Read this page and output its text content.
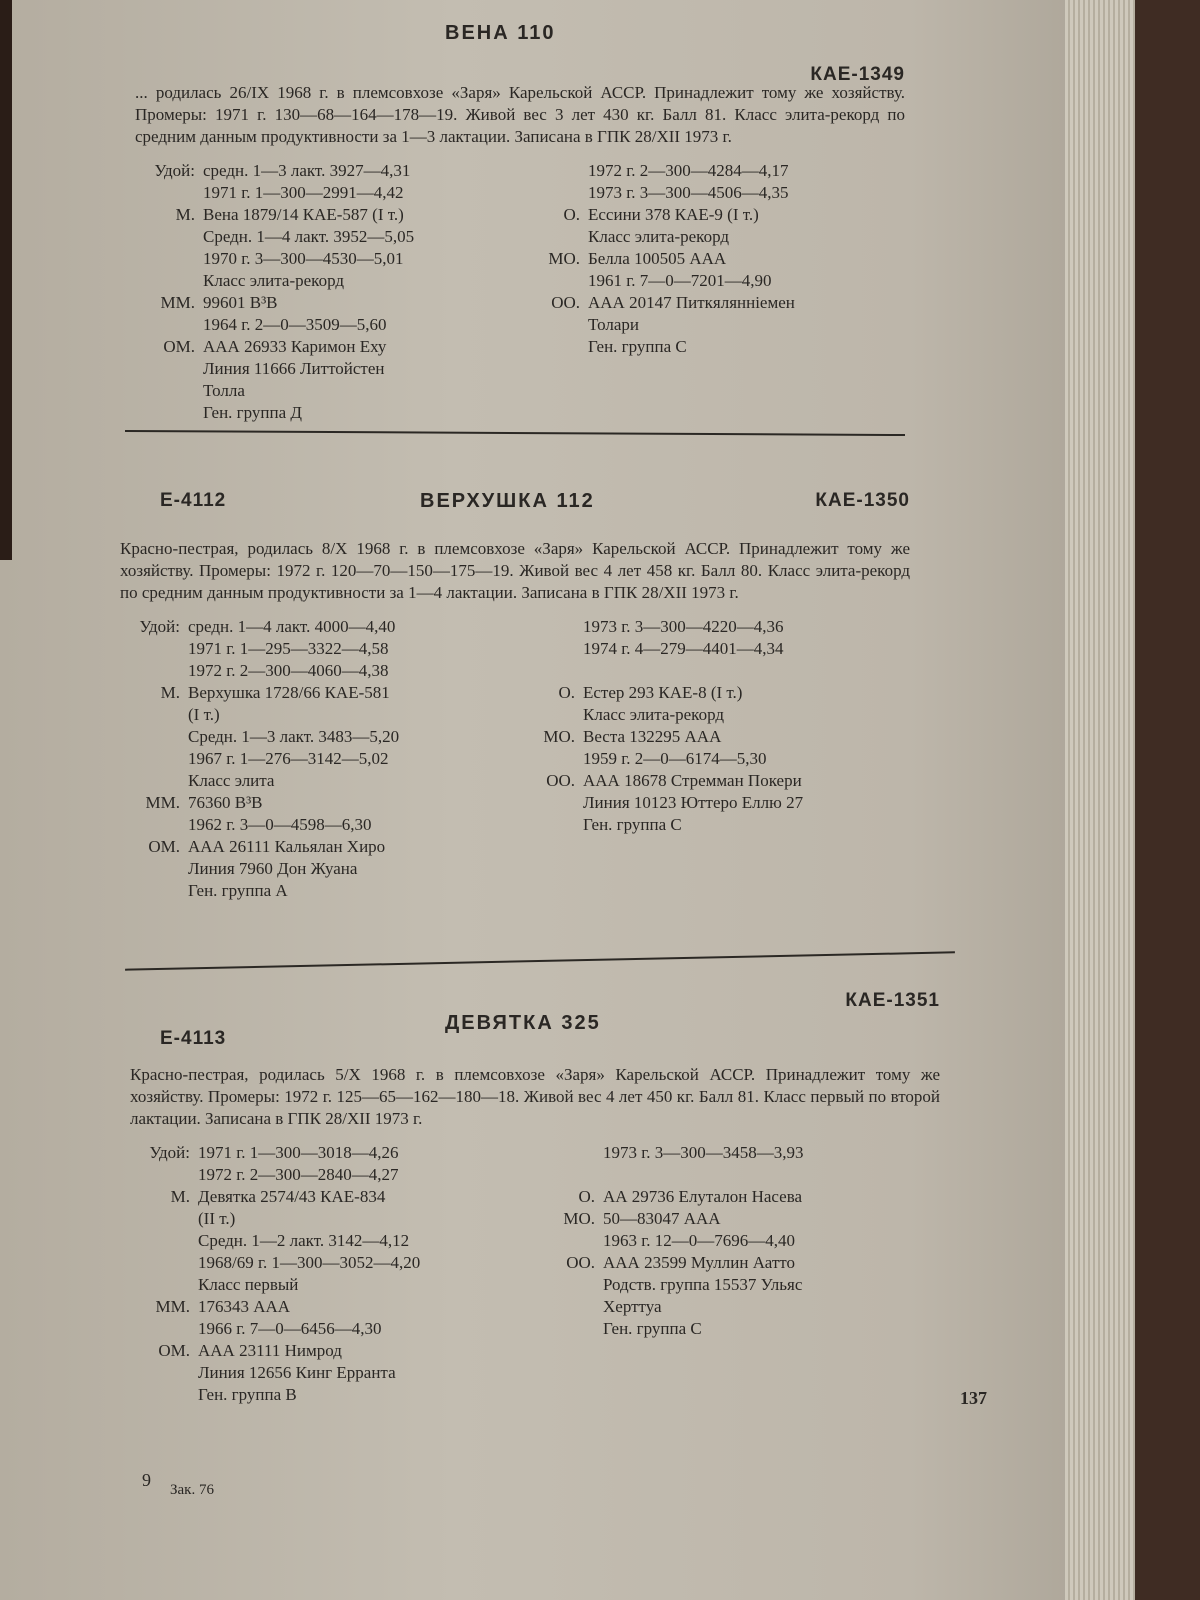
ВЕНА 110
КАЕ-1349
... родилась 26/IX 1968 г. в племсовхозе «Заря» Карельской АССР. Принадлежит тому же хозяйству. Промеры: 1971 г. 130—68—164—178—19. Живой вес 3 лет 430 кг. Балл 81. Класс элита-рекорд по средним данным продуктивности за 1—3 лактации. Записана в ГПК 28/XII 1973 г.
Удой: средн. 1—3 лакт. 3927—4,31
1971 г. 1—300—2991—4,42
М. Вена 1879/14 КАЕ-587 (I т.)
Средн. 1—4 лакт. 3952—5,05
1970 г. 3—300—4530—5,01
Класс элита-рекорд
ММ. 99601 В³В
1964 г. 2—0—3509—5,60
ОМ. ААА 26933 Каримон Еху
Линия 11666 Литтойстен
Толла
Ген. группа Д
1972 г. 2—300—4284—4,17
1973 г. 3—300—4506—4,35
О. Ессини 378 КАЕ-9 (I т.)
Класс элита-рекорд
МО. Белла 100505 ААА
1961 г. 7—0—7201—4,90
ОО. ААА 20147 Питкяляннiемен
Толари
Ген. группа С
Е-4112	ВЕРХУШКА 112	КАЕ-1350
Красно-пестрая, родилась 8/X 1968 г. в племсовхозе «Заря» Карельской АССР. Принадлежит тому же хозяйству. Промеры: 1972 г. 120—70—150—175—19. Живой вес 4 лет 458 кг. Балл 80. Класс элита-рекорд по средним данным продуктивности за 1—4 лактации. Записана в ГПК 28/XII 1973 г.
Удой: средн. 1—4 лакт. 4000—4,40
1971 г. 1—295—3322—4,58
1972 г. 2—300—4060—4,38
М. Верхушка 1728/66 КАЕ-581
(I т.)
Средн. 1—3 лакт. 3483—5,20
1967 г. 1—276—3142—5,02
Класс элита
ММ. 76360 В³В
1962 г. 3—0—4598—6,30
ОМ. ААА 26111 Кальялан Хиро
Линия 7960 Дон Жуана
Ген. группа А
1973 г. 3—300—4220—4,36
1974 г. 4—279—4401—4,34
О. Естер 293 КАЕ-8 (I т.)
Класс элита-рекорд
МО. Веста 132295 ААА
1959 г. 2—0—6174—5,30
ОО. ААА 18678 Стремман Покери
Линия 10123 Юттеро Еллю 27
Ген. группа С
Е-4113
ДЕВЯТКА 325
КАЕ-1351
Красно-пестрая, родилась 5/X 1968 г. в племсовхозе «Заря» Карельской АССР. Принадлежит тому же хозяйству. Промеры: 1972 г. 125—65—162—180—18. Живой вес 4 лет 450 кг. Балл 81. Класс первый по второй лактации. Записана в ГПК 28/XII 1973 г.
Удой: 1971 г. 1—300—3018—4,26
1972 г. 2—300—2840—4,27
М. Девятка 2574/43 КАЕ-834
(II т.)
Средн. 1—2 лакт. 3142—4,12
1968/69 г. 1—300—3052—4,20
Класс первый
ММ. 176343 ААА
1966 г. 7—0—6456—4,30
ОМ. ААА 23111 Нимрод
Линия 12656 Кинг Ерранта
Ген. группа В
1973 г. 3—300—3458—3,93
О. АА 29736 Елуталон Насева
МО. 50—83047 ААА
1963 г. 12—0—7696—4,40
ОО. ААА 23599 Муллин Аатто
Родств. группа 15537 Ульяс
Херттуа
Ген. группа С
137
9 Зак. 76
